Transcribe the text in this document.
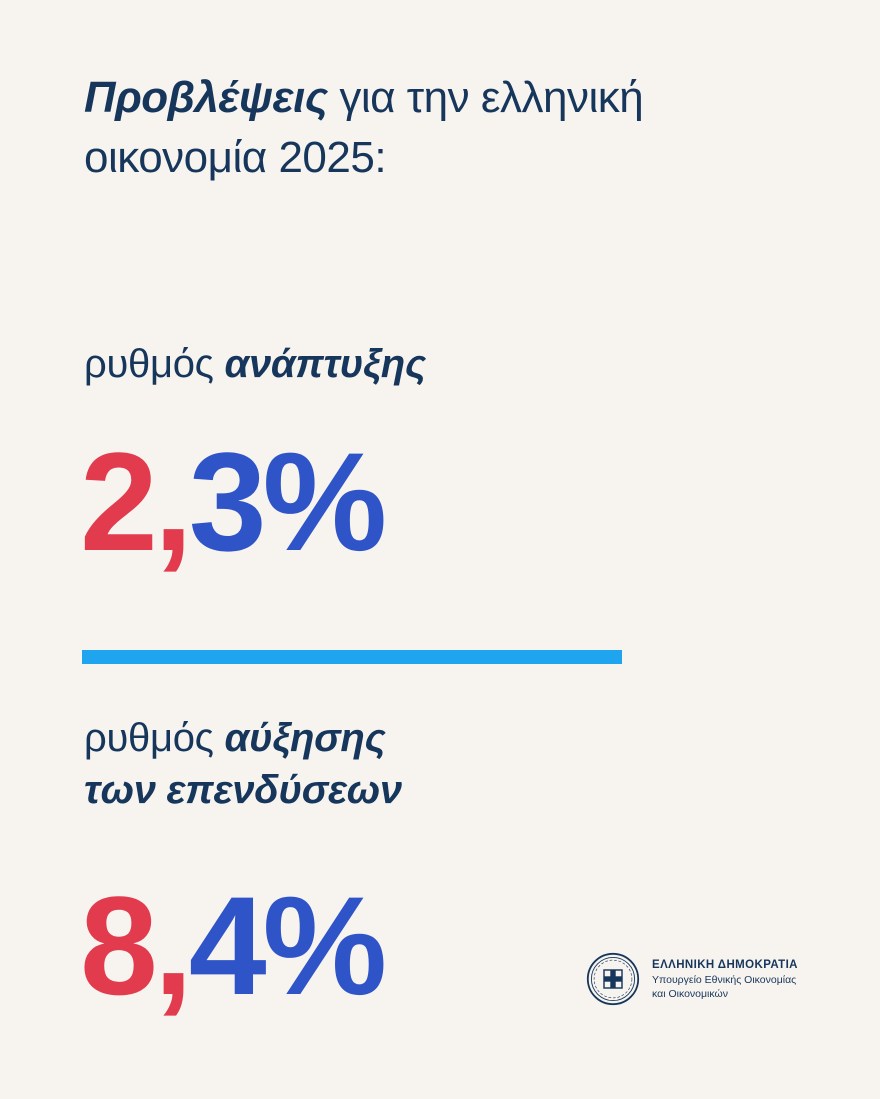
Προβλέψεις για την ελληνική
οικονομία 2025:
ρυθμός ανάπτυξης
2,3%
ρυθμός αύξησης
των επενδύσεων
8,4%	ΕΛΛΗΝΙΚΗ ΔΗΜΟΚΡΑΤΙΑ
Υπουργείο Εθνικής Οικονομίας
και Οικονομικών
